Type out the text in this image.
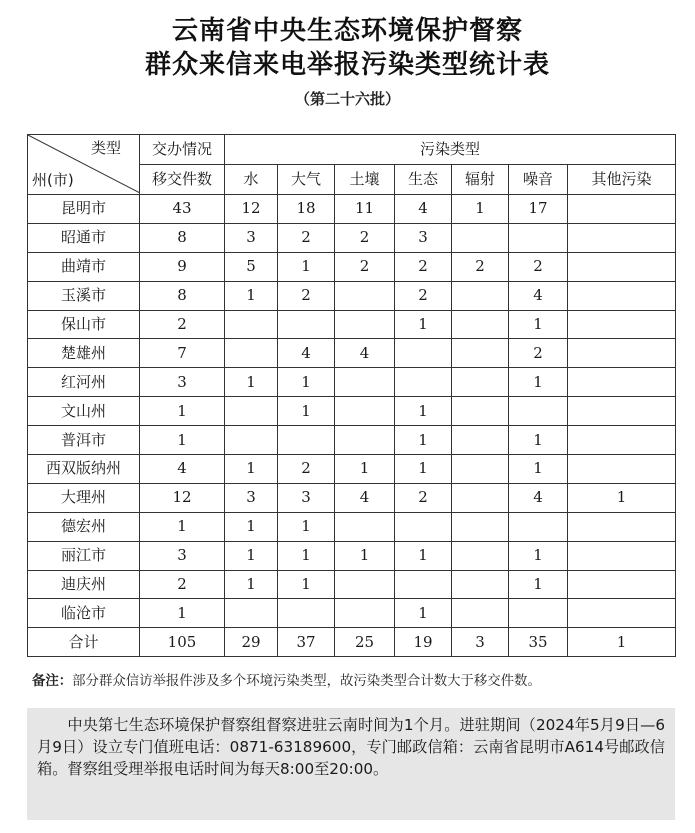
云南省中央生态环境保护督察
群众来信来电举报污染类型统计表
（第二十六批）
类型
州(市)	交办情况	污染类型						
	移交件数	水	大气	土壤	生态	辐射	噪音	其他污染
昆明市	43	12	18	11	4	1	17	
昭通市	8	3	2	2	3			
曲靖市	9	5	1	2	2	2	2	
玉溪市	8	1	2		2		4	
保山市	2				1		1	
楚雄州	7		4	4			2	
红河州	3	1	1				1	
文山州	1		1		1			
普洱市	1				1		1	
西双版纳州	4	1	2	1	1		1	
大理州	12	3	3	4	2		4	1
德宏州	1	1	1					
丽江市	3	1	1	1	1		1	
迪庆州	2	1	1				1	
临沧市	1				1			
合计	105	29	37	25	19	3	35	1
备注：部分群众信访举报件涉及多个环境污染类型，故污染类型合计数大于移交件数。

中央第七生态环境保护督察组督察进驻云南时间为1个月。进驻期间（2024年5月9日—6月9日）设立专门值班电话：0871-63189600，专门邮政信箱：云南省昆明市A614号邮政信箱。督察组受理举报电话时间为每天8:00至20:00。
